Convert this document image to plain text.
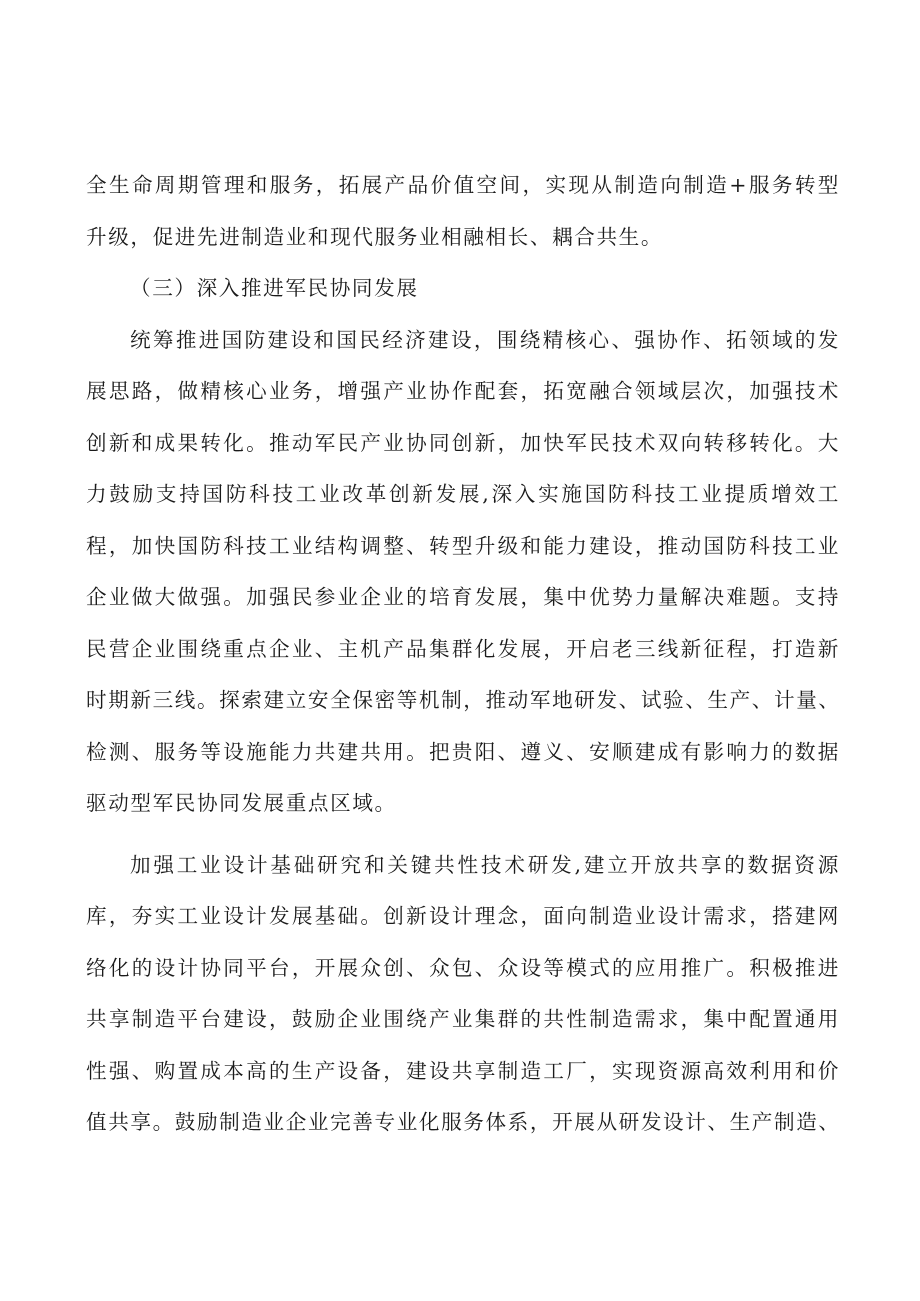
全生命周期管理和服务，拓展产品价值空间，实现从制造向制造+服务转型
升级，促进先进制造业和现代服务业相融相长、耦合共生。

（三）深入推进军民协同发展

统筹推进国防建设和国民经济建设，围绕精核心、强协作、拓领域的发
展思路，做精核心业务，增强产业协作配套，拓宽融合领域层次，加强技术
创新和成果转化。推动军民产业协同创新，加快军民技术双向转移转化。大
力鼓励支持国防科技工业改革创新发展,深入实施国防科技工业提质增效工
程，加快国防科技工业结构调整、转型升级和能力建设，推动国防科技工业
企业做大做强。加强民参业企业的培育发展，集中优势力量解决难题。支持
民营企业围绕重点企业、主机产品集群化发展，开启老三线新征程，打造新
时期新三线。探索建立安全保密等机制，推动军地研发、试验、生产、计量、
检测、服务等设施能力共建共用。把贵阳、遵义、安顺建成有影响力的数据
驱动型军民协同发展重点区域。

加强工业设计基础研究和关键共性技术研发,建立开放共享的数据资源
库，夯实工业设计发展基础。创新设计理念，面向制造业设计需求，搭建网
络化的设计协同平台，开展众创、众包、众设等模式的应用推广。积极推进
共享制造平台建设，鼓励企业围绕产业集群的共性制造需求，集中配置通用
性强、购置成本高的生产设备，建设共享制造工厂，实现资源高效利用和价
值共享。鼓励制造业企业完善专业化服务体系，开展从研发设计、生产制造、
